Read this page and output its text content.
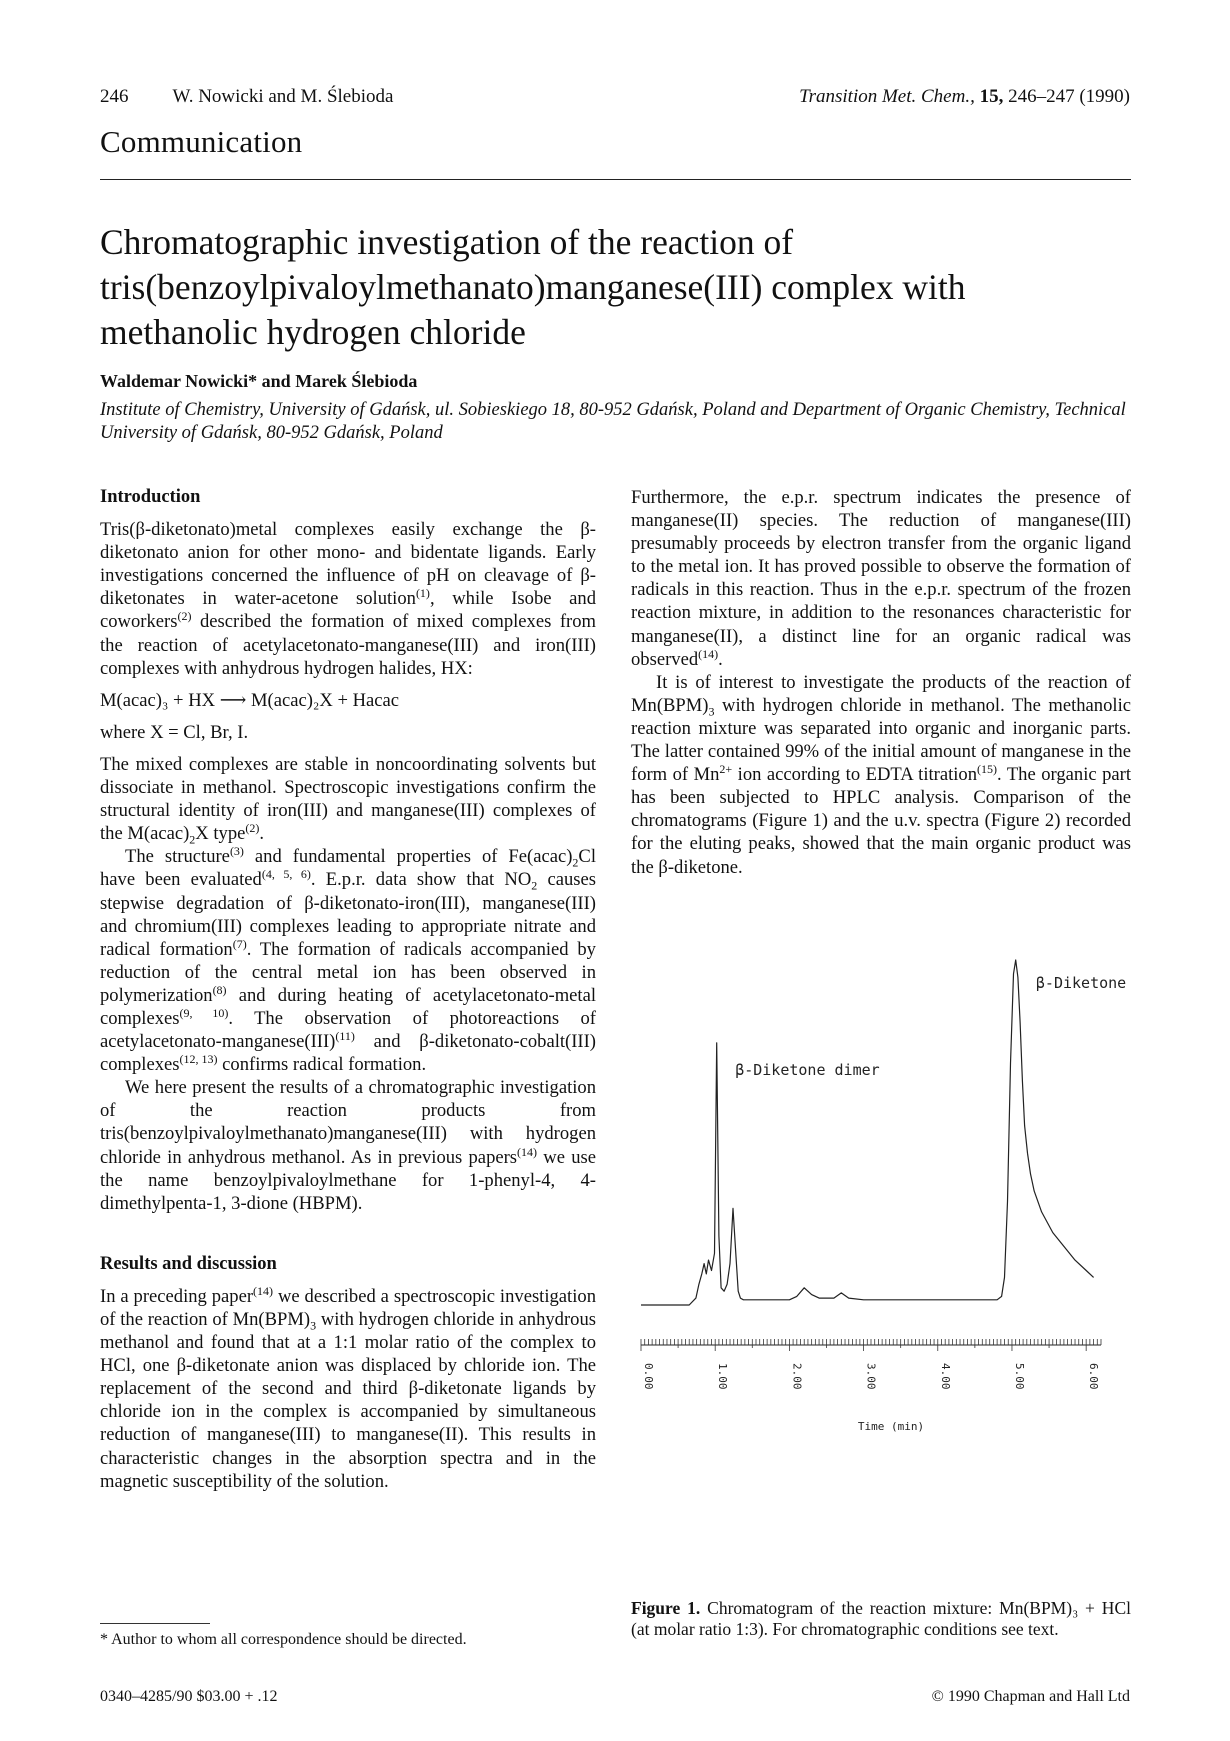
246 W. Nowicki and M. Ślebioda	Transition Met. Chem., 15, 246–247 (1990)
Communication
Chromatographic investigation of the reaction of tris(benzoylpivaloylmethanato)manganese(III) complex with methanolic hydrogen chloride
Waldemar Nowicki* and Marek Ślebioda
Institute of Chemistry, University of Gdańsk, ul. Sobieskiego 18, 80-952 Gdańsk, Poland and Department of Organic Chemistry, Technical University of Gdańsk, 80-952 Gdańsk, Poland
Introduction

Tris(β-diketonato)metal complexes easily exchange the β-diketonato anion for other mono- and bidentate ligands. Early investigations concerned the influence of pH on cleavage of β-diketonates in water-acetone solution$^{(1)}$, while Isobe and coworkers$^{(2)}$ described the formation of mixed complexes from the reaction of acetylacetonato-manganese(III) and iron(III) complexes with anhydrous hydrogen halides, HX:

M(acac)₃ + HX ⟶ M(acac)₂X + Hacac
where X = Cl, Br, I.

The mixed complexes are stable in noncoordinating solvents but dissociate in methanol. Spectroscopic investigations confirm the structural identity of iron(III) and manganese(III) complexes of the $M(acac)_2X$ type$^{(2)}$.

The structure$^{(3)}$ and fundamental properties of $Fe(acac)_2Cl$ have been evaluated$^{(4, 5, 6)}$. E.p.r. data show that $NO_2$ causes stepwise degradation of β-diketonato-iron(III), manganese(III) and chromium(III) complexes leading to appropriate nitrate and radical formation$^{(7)}$. The formation of radicals accompanied by reduction of the central metal ion has been observed in polymerization$^{(8)}$ and during heating of acetylacetonato-metal complexes$^{(9, 10)}$. The observation of photoreactions of acetylacetonato-manganese(III)$^{(11)}$ and β-diketonato-cobalt(III) complexes$^{(12, 13)}$ confirms radical formation.

We here present the results of a chromatographic investigation of the reaction products from tris(benzoylpivaloylmethanato)manganese(III) with hydrogen chloride in anhydrous methanol. As in previous papers$^{(14)}$ we use the name benzoylpivaloylmethane for 1-phenyl-4, 4-dimethylpenta-1, 3-dione (HBPM).

Results and discussion

In a preceding paper$^{(14)}$ we described a spectroscopic investigation of the reaction of $Mn(BPM)_3$ with hydrogen chloride in anhydrous methanol and found that at a 1:1 molar ratio of the complex to HCl, one β-diketonate anion was displaced by chloride ion. The replacement of the second and third β-diketonate ligands by chloride ion in the complex is accompanied by simultaneous reduction of manganese(III) to manganese(II). This results in characteristic changes in the absorption spectra and in the magnetic susceptibility of the solution.

Furthermore, the e.p.r. spectrum indicates the presence of manganese(II) species. The reduction of manganese(III) presumably proceeds by electron transfer from the organic ligand to the metal ion. It has proved possible to observe the formation of radicals in this reaction. Thus in the e.p.r. spectrum of the frozen reaction mixture, in addition to the resonances characteristic for manganese(II), a distinct line for an organic radical was observed$^{(14)}$.

It is of interest to investigate the products of the reaction of $Mn(BPM)_3$ with hydrogen chloride in methanol. The methanolic reaction mixture was separated into organic and inorganic parts. The latter contained 99% of the initial amount of manganese in the form of $Mn^{2+}$ ion according to EDTA titration$^{(15)}$. The organic part has been subjected to HPLC analysis. Comparison of the chromatograms (Figure 1) and the u.v. spectra (Figure 2) recorded for the eluting peaks, showed that the main organic product was the β-diketone.

0.00	1.00	2.00	3.00	4.00	5.00	6.00
Time (min)
β-Diketone dimer
β-Diketone
Figure 1. Chromatogram of the reaction mixture: Mn(BPM)₃ + HCl (at molar ratio 1:3). For chromatographic conditions see text.
* Author to whom all correspondence should be directed.
0340–4285/90 $03.00 + .12	© 1990 Chapman and Hall Ltd
